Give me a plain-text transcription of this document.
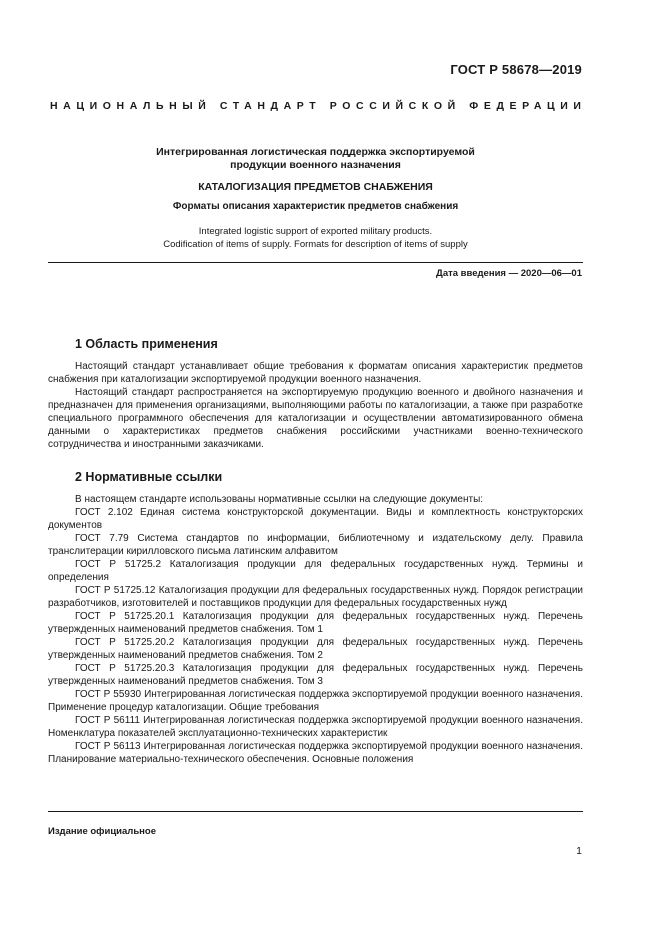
ГОСТ Р 58678—2019
НАЦИОНАЛЬНЫЙ СТАНДАРТ РОССИЙСКОЙ ФЕДЕРАЦИИ
Интегрированная логистическая поддержка экспортируемой
продукции военного назначения
КАТАЛОГИЗАЦИЯ ПРЕДМЕТОВ СНАБЖЕНИЯ
Форматы описания характеристик предметов снабжения
Integrated logistic support of exported military products.
Codification of items of supply. Formats for description of items of supply
Дата введения — 2020—06—01
1 Область применения

Настоящий стандарт устанавливает общие требования к форматам описания характеристик предметов снабжения при каталогизации экспортируемой продукции военного назначения.

Настоящий стандарт распространяется на экспортируемую продукцию военного и двойного назначения и предназначен для применения организациями, выполняющими работы по каталогизации, а также при разработке специального программного обеспечения для каталогизации и осуществлении автоматизированного обмена данными о характеристиках предметов снабжения российскими участниками военно-технического сотрудничества и иностранными заказчиками.

2 Нормативные ссылки

В настоящем стандарте использованы нормативные ссылки на следующие документы:

ГОСТ 2.102 Единая система конструкторской документации. Виды и комплектность конструкторских документов

ГОСТ 7.79 Система стандартов по информации, библиотечному и издательскому делу. Правила транслитерации кирилловского письма латинским алфавитом

ГОСТ Р 51725.2 Каталогизация продукции для федеральных государственных нужд. Термины и определения

ГОСТ Р 51725.12 Каталогизация продукции для федеральных государственных нужд. Порядок регистрации разработчиков, изготовителей и поставщиков продукции для федеральных государственных нужд

ГОСТ Р 51725.20.1 Каталогизация продукции для федеральных государственных нужд. Перечень утвержденных наименований предметов снабжения. Том 1

ГОСТ Р 51725.20.2 Каталогизация продукции для федеральных государственных нужд. Перечень утвержденных наименований предметов снабжения. Том 2

ГОСТ Р 51725.20.3 Каталогизация продукции для федеральных государственных нужд. Перечень утвержденных наименований предметов снабжения. Том 3

ГОСТ Р 55930 Интегрированная логистическая поддержка экспортируемой продукции военного назначения. Применение процедур каталогизации. Общие требования

ГОСТ Р 56111 Интегрированная логистическая поддержка экспортируемой продукции военного назначения. Номенклатура показателей эксплуатационно-технических характеристик

ГОСТ Р 56113 Интегрированная логистическая поддержка экспортируемой продукции военного назначения. Планирование материально-технического обеспечения. Основные положения

Издание официальное
1
